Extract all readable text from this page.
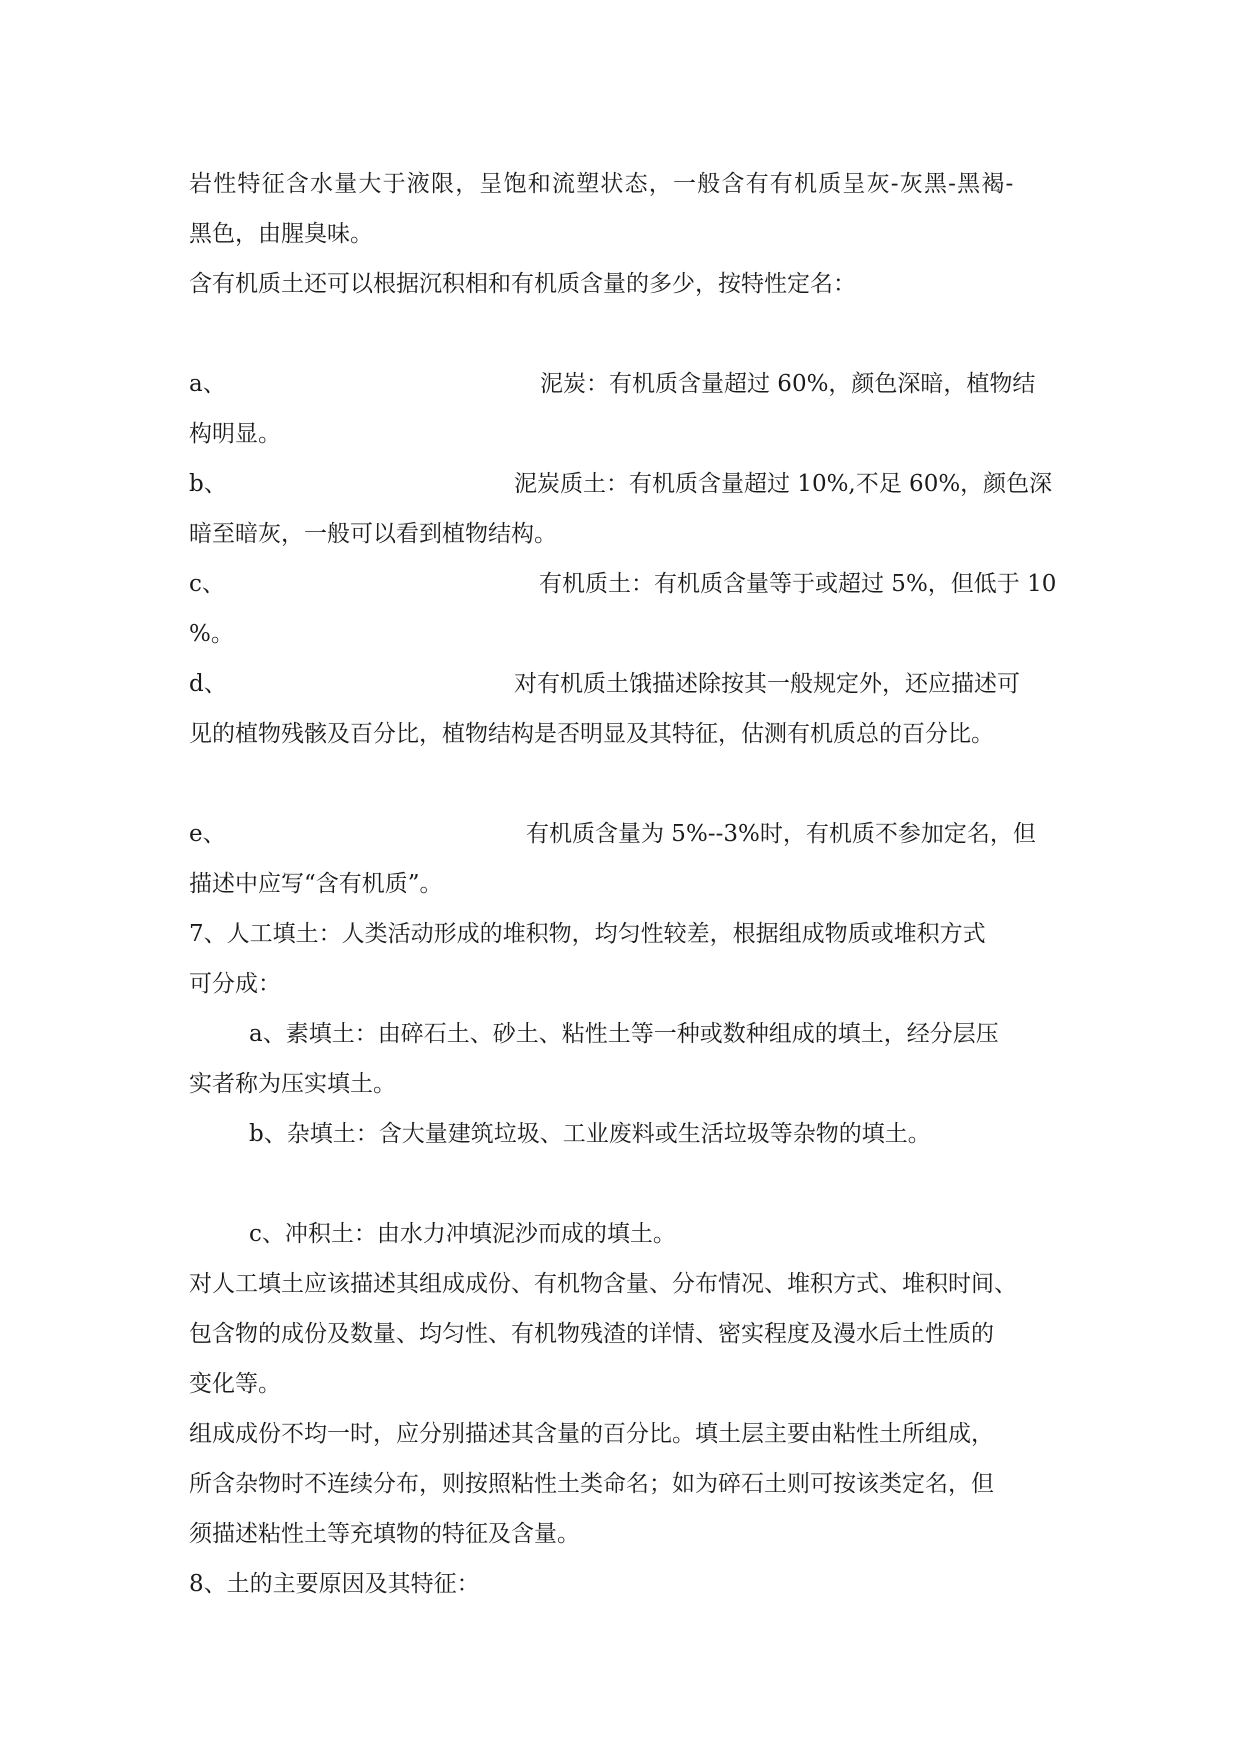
岩性特征含水量大于液限，呈饱和流塑状态，一般含有有机质呈灰-灰黑-黑褐-
黑色，由腥臭味。
含有机质土还可以根据沉积相和有机质含量的多少，按特性定名：
a、	泥炭：有机质含量超过 60%，颜色深暗，植物结
构明显。
b、	泥炭质土：有机质含量超过 10%,不足 60%，颜色深
暗至暗灰，一般可以看到植物结构。
c、	有机质土：有机质含量等于或超过 5%，但低于 10
%。
d、	对有机质土饿描述除按其一般规定外，还应描述可
见的植物残骸及百分比，植物结构是否明显及其特征，估测有机质总的百分比。
e、	有机质含量为 5%--3%时，有机质不参加定名，但
描述中应写“含有机质”。
7、人工填土：人类活动形成的堆积物，均匀性较差，根据组成物质或堆积方式
可分成：
a、素填土：由碎石土、砂土、粘性土等一种或数种组成的填土，经分层压
实者称为压实填土。
b、杂填土：含大量建筑垃圾、工业废料或生活垃圾等杂物的填土。
c、冲积土：由水力冲填泥沙而成的填土。
对人工填土应该描述其组成成份、有机物含量、分布情况、堆积方式、堆积时间、
包含物的成份及数量、均匀性、有机物残渣的详情、密实程度及漫水后土性质的
变化等。
组成成份不均一时，应分别描述其含量的百分比。填土层主要由粘性土所组成，
所含杂物时不连续分布，则按照粘性土类命名；如为碎石土则可按该类定名，但
须描述粘性土等充填物的特征及含量。
8、土的主要原因及其特征：
